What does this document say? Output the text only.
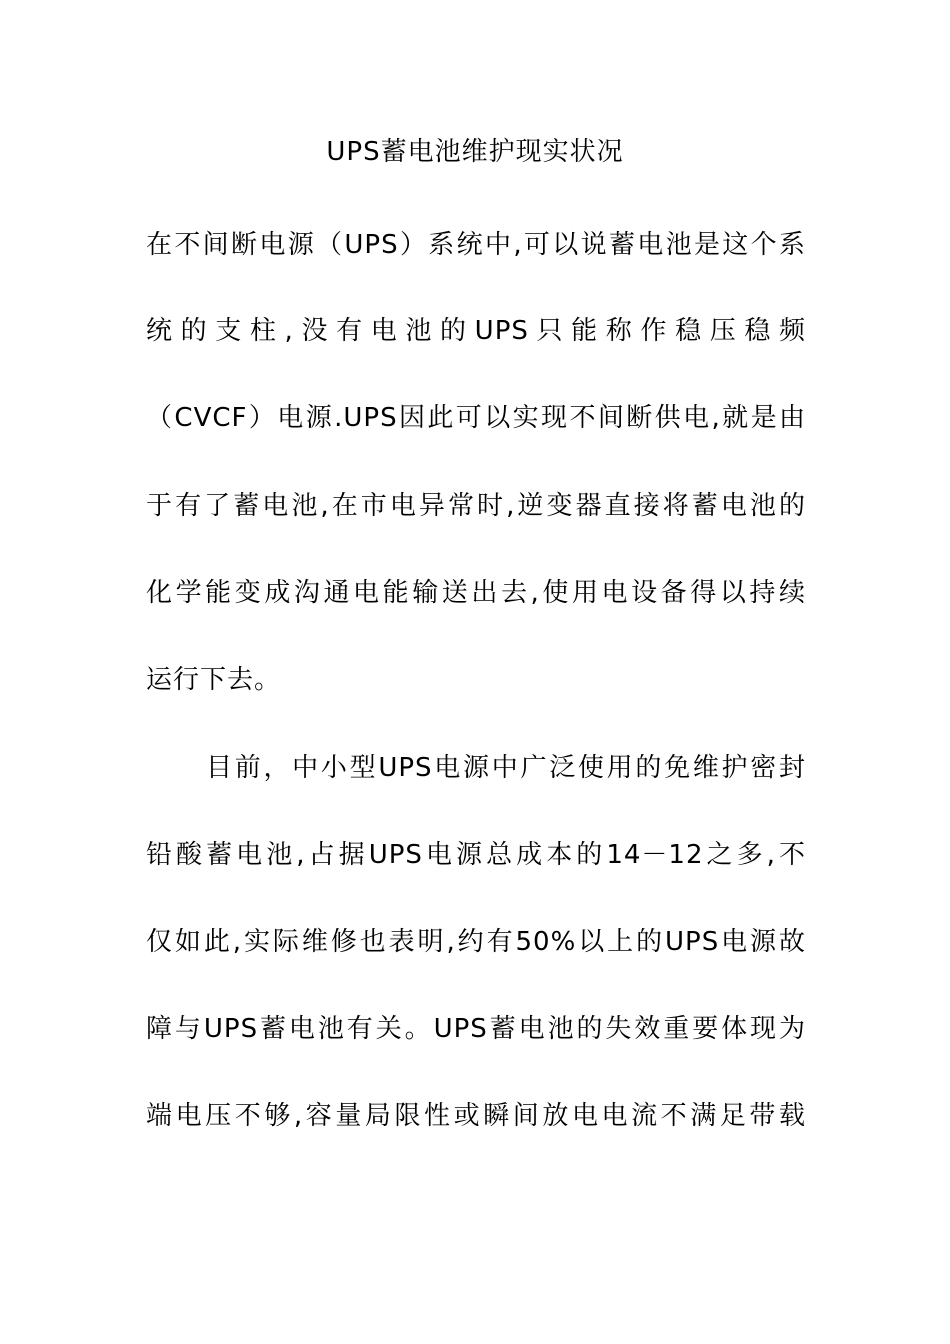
UPS蓄电池维护现实状况
在不间断电源（UPS）系统中,可以说蓄电池是这个系
统的支柱,没有电池的UPS只能称作稳压稳频
（CVCF）电源.UPS因此可以实现不间断供电,就是由
于有了蓄电池,在市电异常时,逆变器直接将蓄电池的
化学能变成沟通电能输送出去,使用电设备得以持续
运行下去。
目前，中小型UPS电源中广泛使用的免维护密封
铅酸蓄电池,占据UPS电源总成本的14－12之多,不
仅如此,实际维修也表明,约有50%以上的UPS电源故
障与UPS蓄电池有关。UPS蓄电池的失效重要体现为
端电压不够,容量局限性或瞬间放电电流不满足带载
